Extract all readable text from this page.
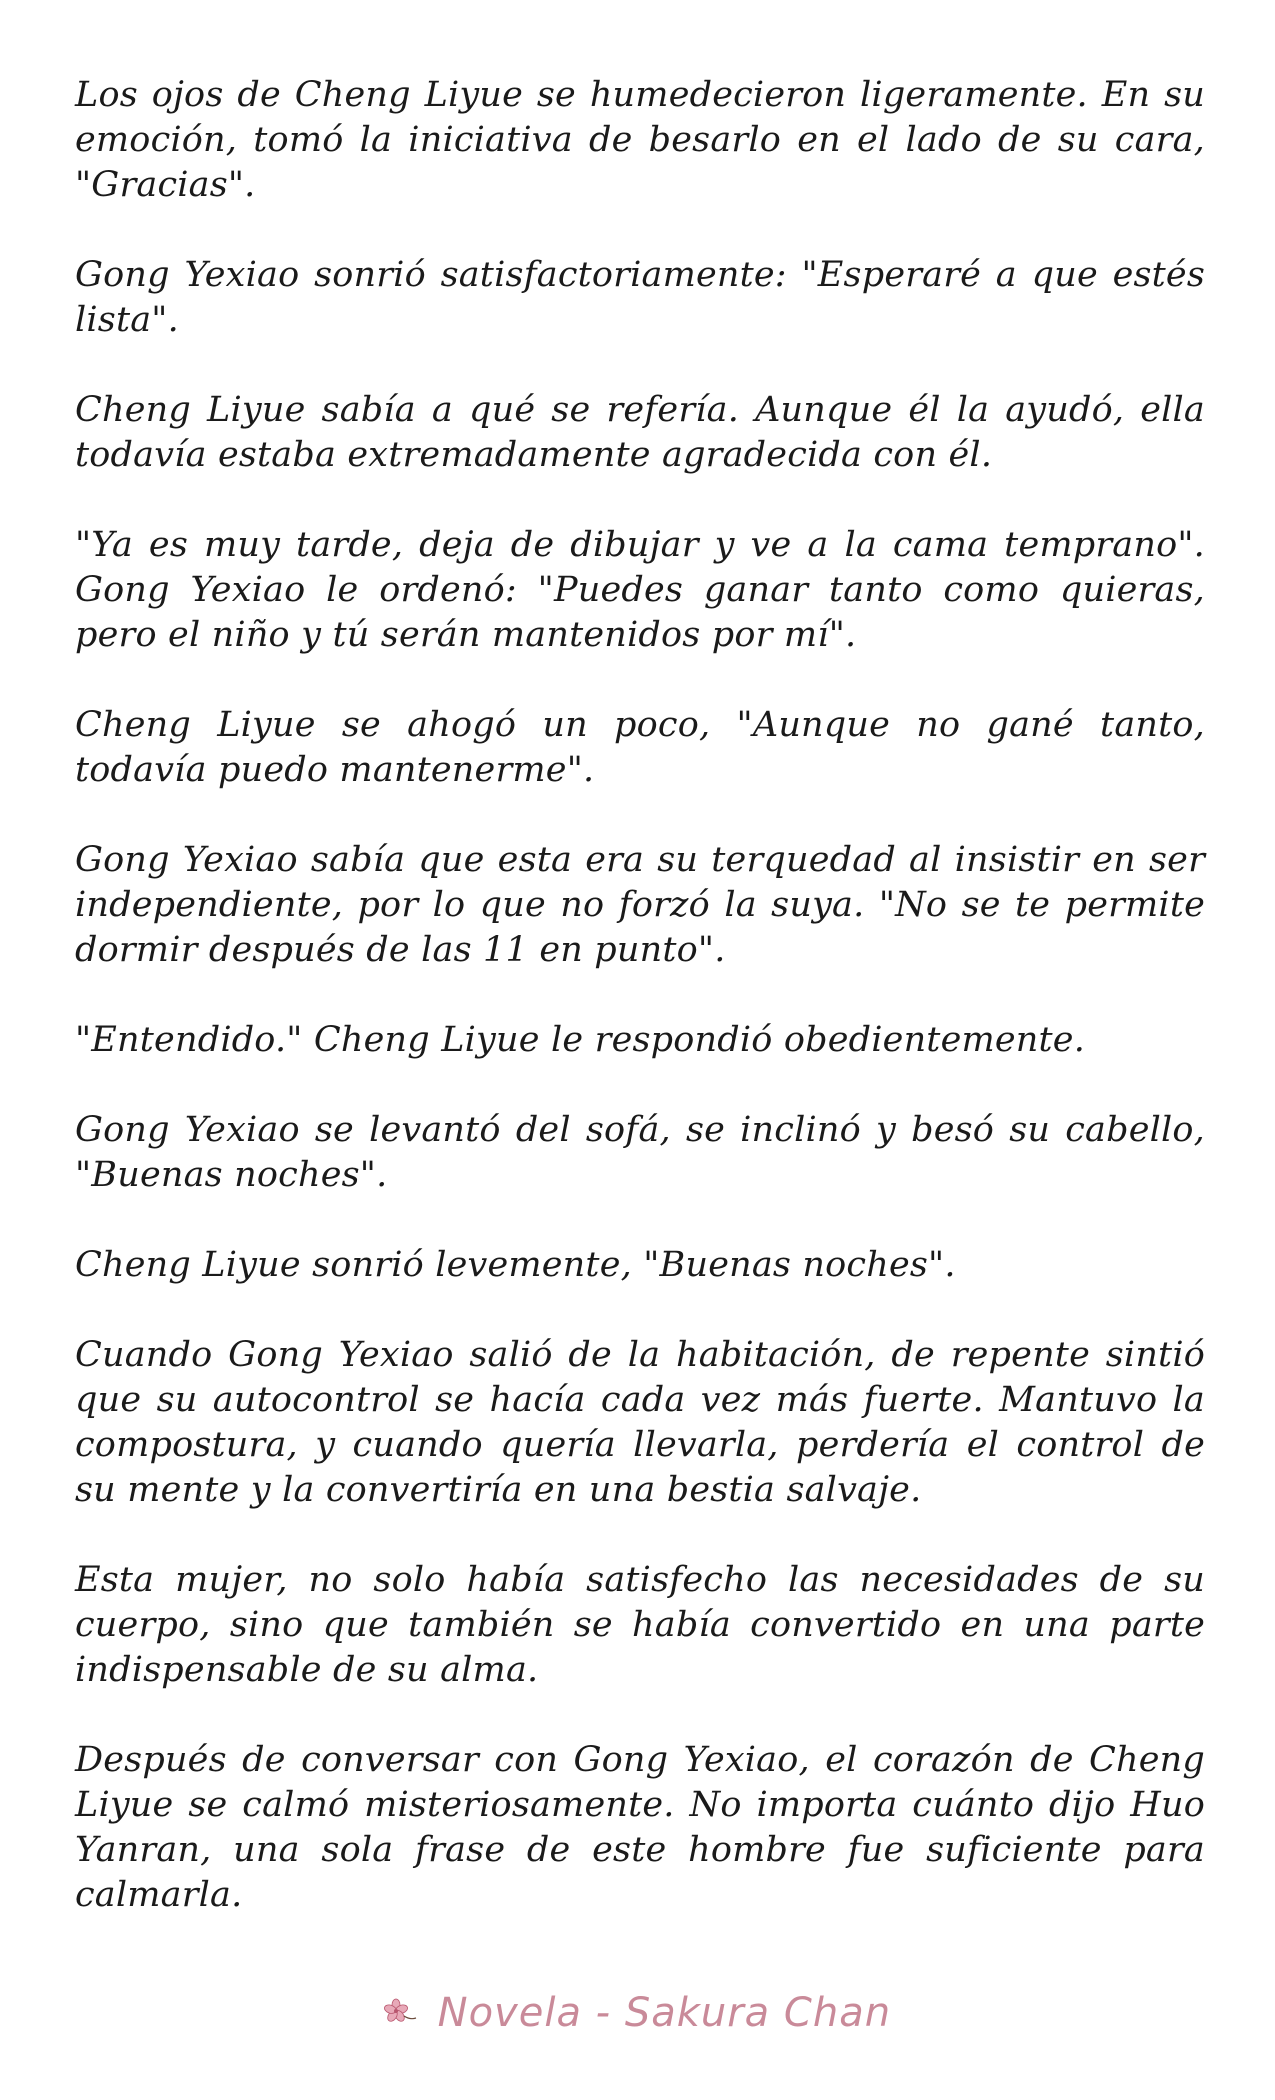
Los ojos de Cheng Liyue se humedecieron ligeramente. En su emoción, tomó la iniciativa de besarlo en el lado de su cara, "Gracias".

Gong Yexiao sonrió satisfactoriamente: "Esperaré a que estés lista".

Cheng Liyue sabía a qué se refería. Aunque él la ayudó, ella todavía estaba extremadamente agradecida con él.

"Ya es muy tarde, deja de dibujar y ve a la cama temprano". Gong Yexiao le ordenó: "Puedes ganar tanto como quieras, pero el niño y tú serán mantenidos por mí".

Cheng Liyue se ahogó un poco, "Aunque no gané tanto, todavía puedo mantenerme".

Gong Yexiao sabía que esta era su terquedad al insistir en ser independiente, por lo que no forzó la suya. "No se te permite dormir después de las 11 en punto".

"Entendido." Cheng Liyue le respondió obedientemente.

Gong Yexiao se levantó del sofá, se inclinó y besó su cabello, "Buenas noches".

Cheng Liyue sonrió levemente, "Buenas noches".

Cuando Gong Yexiao salió de la habitación, de repente sintió que su autocontrol se hacía cada vez más fuerte. Mantuvo la compostura, y cuando quería llevarla, perdería el control de su mente y la convertiría en una bestia salvaje.

Esta mujer, no solo había satisfecho las necesidades de su cuerpo, sino que también se había convertido en una parte indispensable de su alma.

Después de conversar con Gong Yexiao, el corazón de Cheng Liyue se calmó misteriosamente. No importa cuánto dijo Huo Yanran, una sola frase de este hombre fue suficiente para calmarla.

Novela - Sakura Chan
